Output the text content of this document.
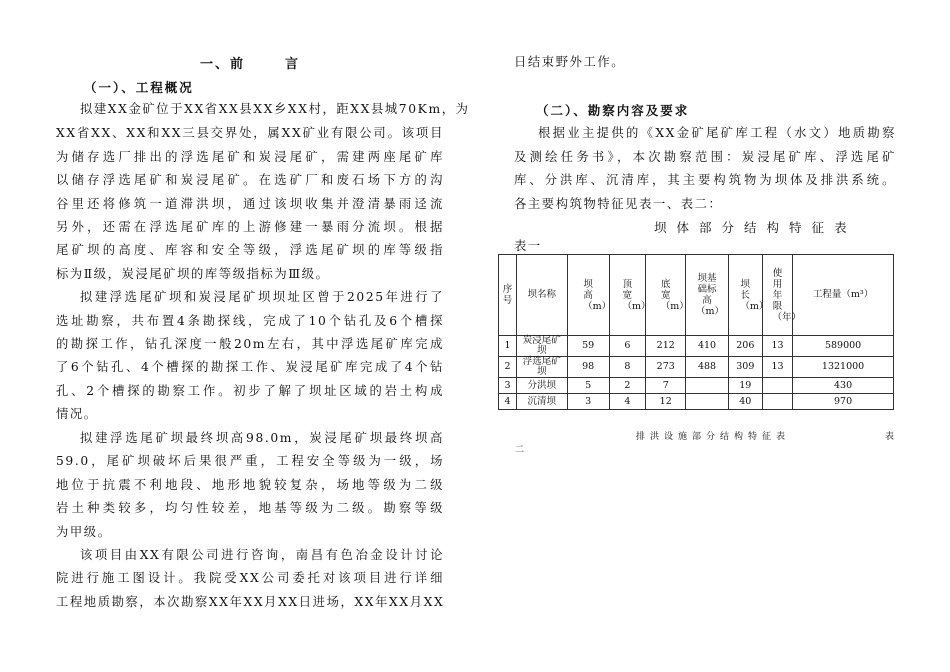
一、前	言
（一）、工程概况
拟建XX金矿位于XX省XX县XX乡XX村，距XX县城70Km，为
XX省XX、XX和XX三县交界处，属XX矿业有限公司。该项目
为储存选厂排出的浮选尾矿和炭浸尾矿，需建两座尾矿库
以储存浮选尾矿和炭浸尾矿。在选矿厂和废石场下方的沟
谷里还将修筑一道滞洪坝，通过该坝收集并澄清暴雨迳流
另外，还需在浮选尾矿库的上游修建一暴雨分流坝。根据
尾矿坝的高度、库容和安全等级，浮选尾矿坝的库等级指
标为Ⅱ级，炭浸尾矿坝的库等级指标为Ⅲ级。
拟建浮选尾矿坝和炭浸尾矿坝坝址区曾于2025年进行了
选址勘察，共布置4条勘探线，完成了10个钻孔及6个槽探
的勘探工作，钻孔深度一般20m左右，其中浮选尾矿库完成
了6个钻孔、4个槽探的勘探工作、炭浸尾矿库完成了4个钻
孔、2个槽探的勘察工作。初步了解了坝址区域的岩土构成
情况。
拟建浮选尾矿坝最终坝高98.0m，炭浸尾矿坝最终坝高
59.0，尾矿坝破坏后果很严重，工程安全等级为一级，场
地位于抗震不利地段、地形地貌较复杂，场地等级为二级
岩土种类较多，均匀性较差，地基等级为二级。勘察等级
为甲级。
该项目由XX有限公司进行咨询，南昌有色冶金设计讨论
院进行施工图设计。我院受XX公司委托对该项目进行详细
工程地质勘察，本次勘察XX年XX月XX日进场，XX年XX月XX
日结束野外工作。
（二）、勘察内容及要求
根据业主提供的《XX金矿尾矿库工程（水文）地质勘察
及测绘任务书》，本次勘察范围：炭浸尾矿库、浮选尾矿
库、分洪库、沉清库，其主要构筑物为坝体及排洪系统。
各主要构筑物特征见表一、表二：
坝体部分结构特征表
表一
序号	坝名称	坝高（m）	顶宽（m）	底宽（m）	坝基础标高（m）	坝长（m）	使用年限（年）	工程量（m³）
1	炭浸尾矿坝	59	6	212	410	206	13	589000
2	浮选尾矿坝	98	8	273	488	309	13	1321000
3	分洪坝	5	2	7		19		430
4	沉清坝	3	4	12		40		970
排洪设施部分结构特征表	表
二
